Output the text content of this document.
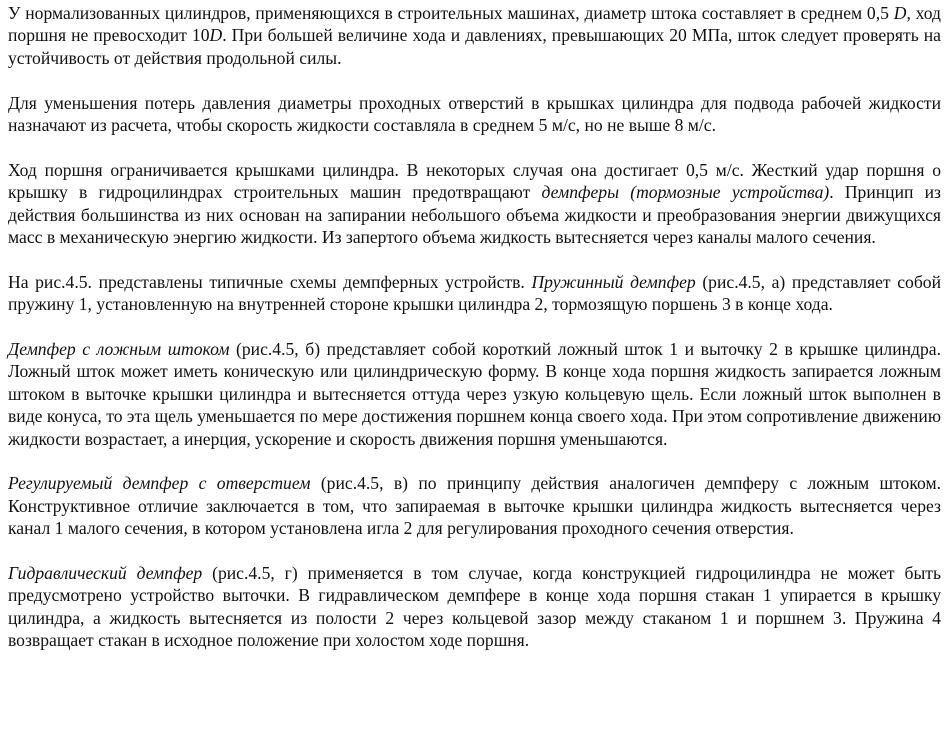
У нормализованных цилиндров, применяющихся в строительных машинах, диаметр штока составляет в среднем 0,5 D, ход поршня не превосходит 10D. При большей величине хода и давлениях, превышающих 20 МПа, шток следует проверять на устойчивость от действия продольной силы.

Для уменьшения потерь давления диаметры проходных отверстий в крышках цилиндра для подвода рабочей жидкости назначают из расчета, чтобы скорость жидкости составляла в среднем 5 м/с, но не выше 8 м/с.

Ход поршня ограничивается крышками цилиндра. В некоторых случая она достигает 0,5 м/с. Жесткий удар поршня о крышку в гидроцилиндрах строительных машин предотвращают демпферы (тормозные устройства). Принцип из действия большинства из них основан на запирании небольшого объема жидкости и преобразования энергии движущихся масс в механическую энергию жидкости. Из запертого объема жидкость вытесняется через каналы малого сечения.

На рис.4.5. представлены типичные схемы демпферных устройств. Пружинный демпфер (рис.4.5, а) представляет собой пружину 1, установленную на внутренней стороне крышки цилиндра 2, тормозящую поршень 3 в конце хода.

Демпфер с ложным штоком (рис.4.5, б) представляет собой короткий ложный шток 1 и выточку 2 в крышке цилиндра. Ложный шток может иметь коническую или цилиндрическую форму. В конце хода поршня жидкость запирается ложным штоком в выточке крышки цилиндра и вытесняется оттуда через узкую кольцевую щель. Если ложный шток выполнен в виде конуса, то эта щель уменьшается по мере достижения поршнем конца своего хода. При этом сопротивление движению жидкости возрастает, а инерция, ускорение и скорость движения поршня уменьшаются.

Регулируемый демпфер с отверстием (рис.4.5, в) по принципу действия аналогичен демпферу с ложным штоком. Конструктивное отличие заключается в том, что запираемая в выточке крышки цилиндра жидкость вытесняется через канал 1 малого сечения, в котором установлена игла 2 для регулирования проходного сечения отверстия.

Гидравлический демпфер (рис.4.5, г) применяется в том случае, когда конструкцией гидроцилиндра не может быть предусмотрено устройство выточки. В гидравлическом демпфере в конце хода поршня стакан 1 упирается в крышку цилиндра, а жидкость вытесняется из полости 2 через кольцевой зазор между стаканом 1 и поршнем 3. Пружина 4 возвращает стакан в исходное положение при холостом ходе поршня.
